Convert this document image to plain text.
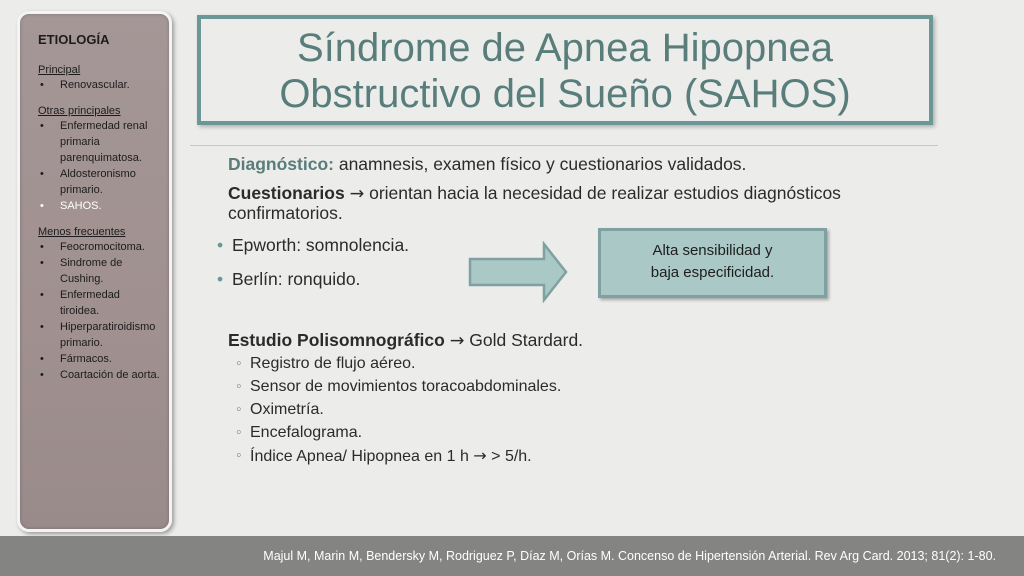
ETIOLOGÍA

Principal

• Renovascular.

Otras principales

• Enfermedad renal primaria parenquimatosa.
• Aldosteronismo primario.
• SAHOS.

Menos frecuentes

• Feocromocitoma.
• Sindrome de Cushing.
• Enfermedad tiroidea.
• Hiperparatiroidismo primario.
• Fármacos.
• Coartación de aorta.
Síndrome de Apnea Hipopnea
Obstructivo del Sueño (SAHOS)

Diagnóstico: anamnesis, examen físico y cuestionarios validados.

Cuestionarios → orientan hacia la necesidad de realizar estudios diagnósticos confirmatorios.

• Epworth: somnolencia.

• Berlín: ronquido.

Estudio Polisomnográfico → Gold Stardard.

◦ Registro de flujo aéreo.
◦ Sensor de movimientos toracoabdominales.
◦ Oximetría.
◦ Encefalograma.
◦ Índice Apnea/ Hipopnea en 1 h → > 5/h.
Alta sensibilidad y
baja especificidad.
Majul M, Marin M, Bendersky M, Rodriguez P, Díaz M, Orías M. Concenso de Hipertensión Arterial. Rev Arg Card. 2013; 81(2): 1-80.
